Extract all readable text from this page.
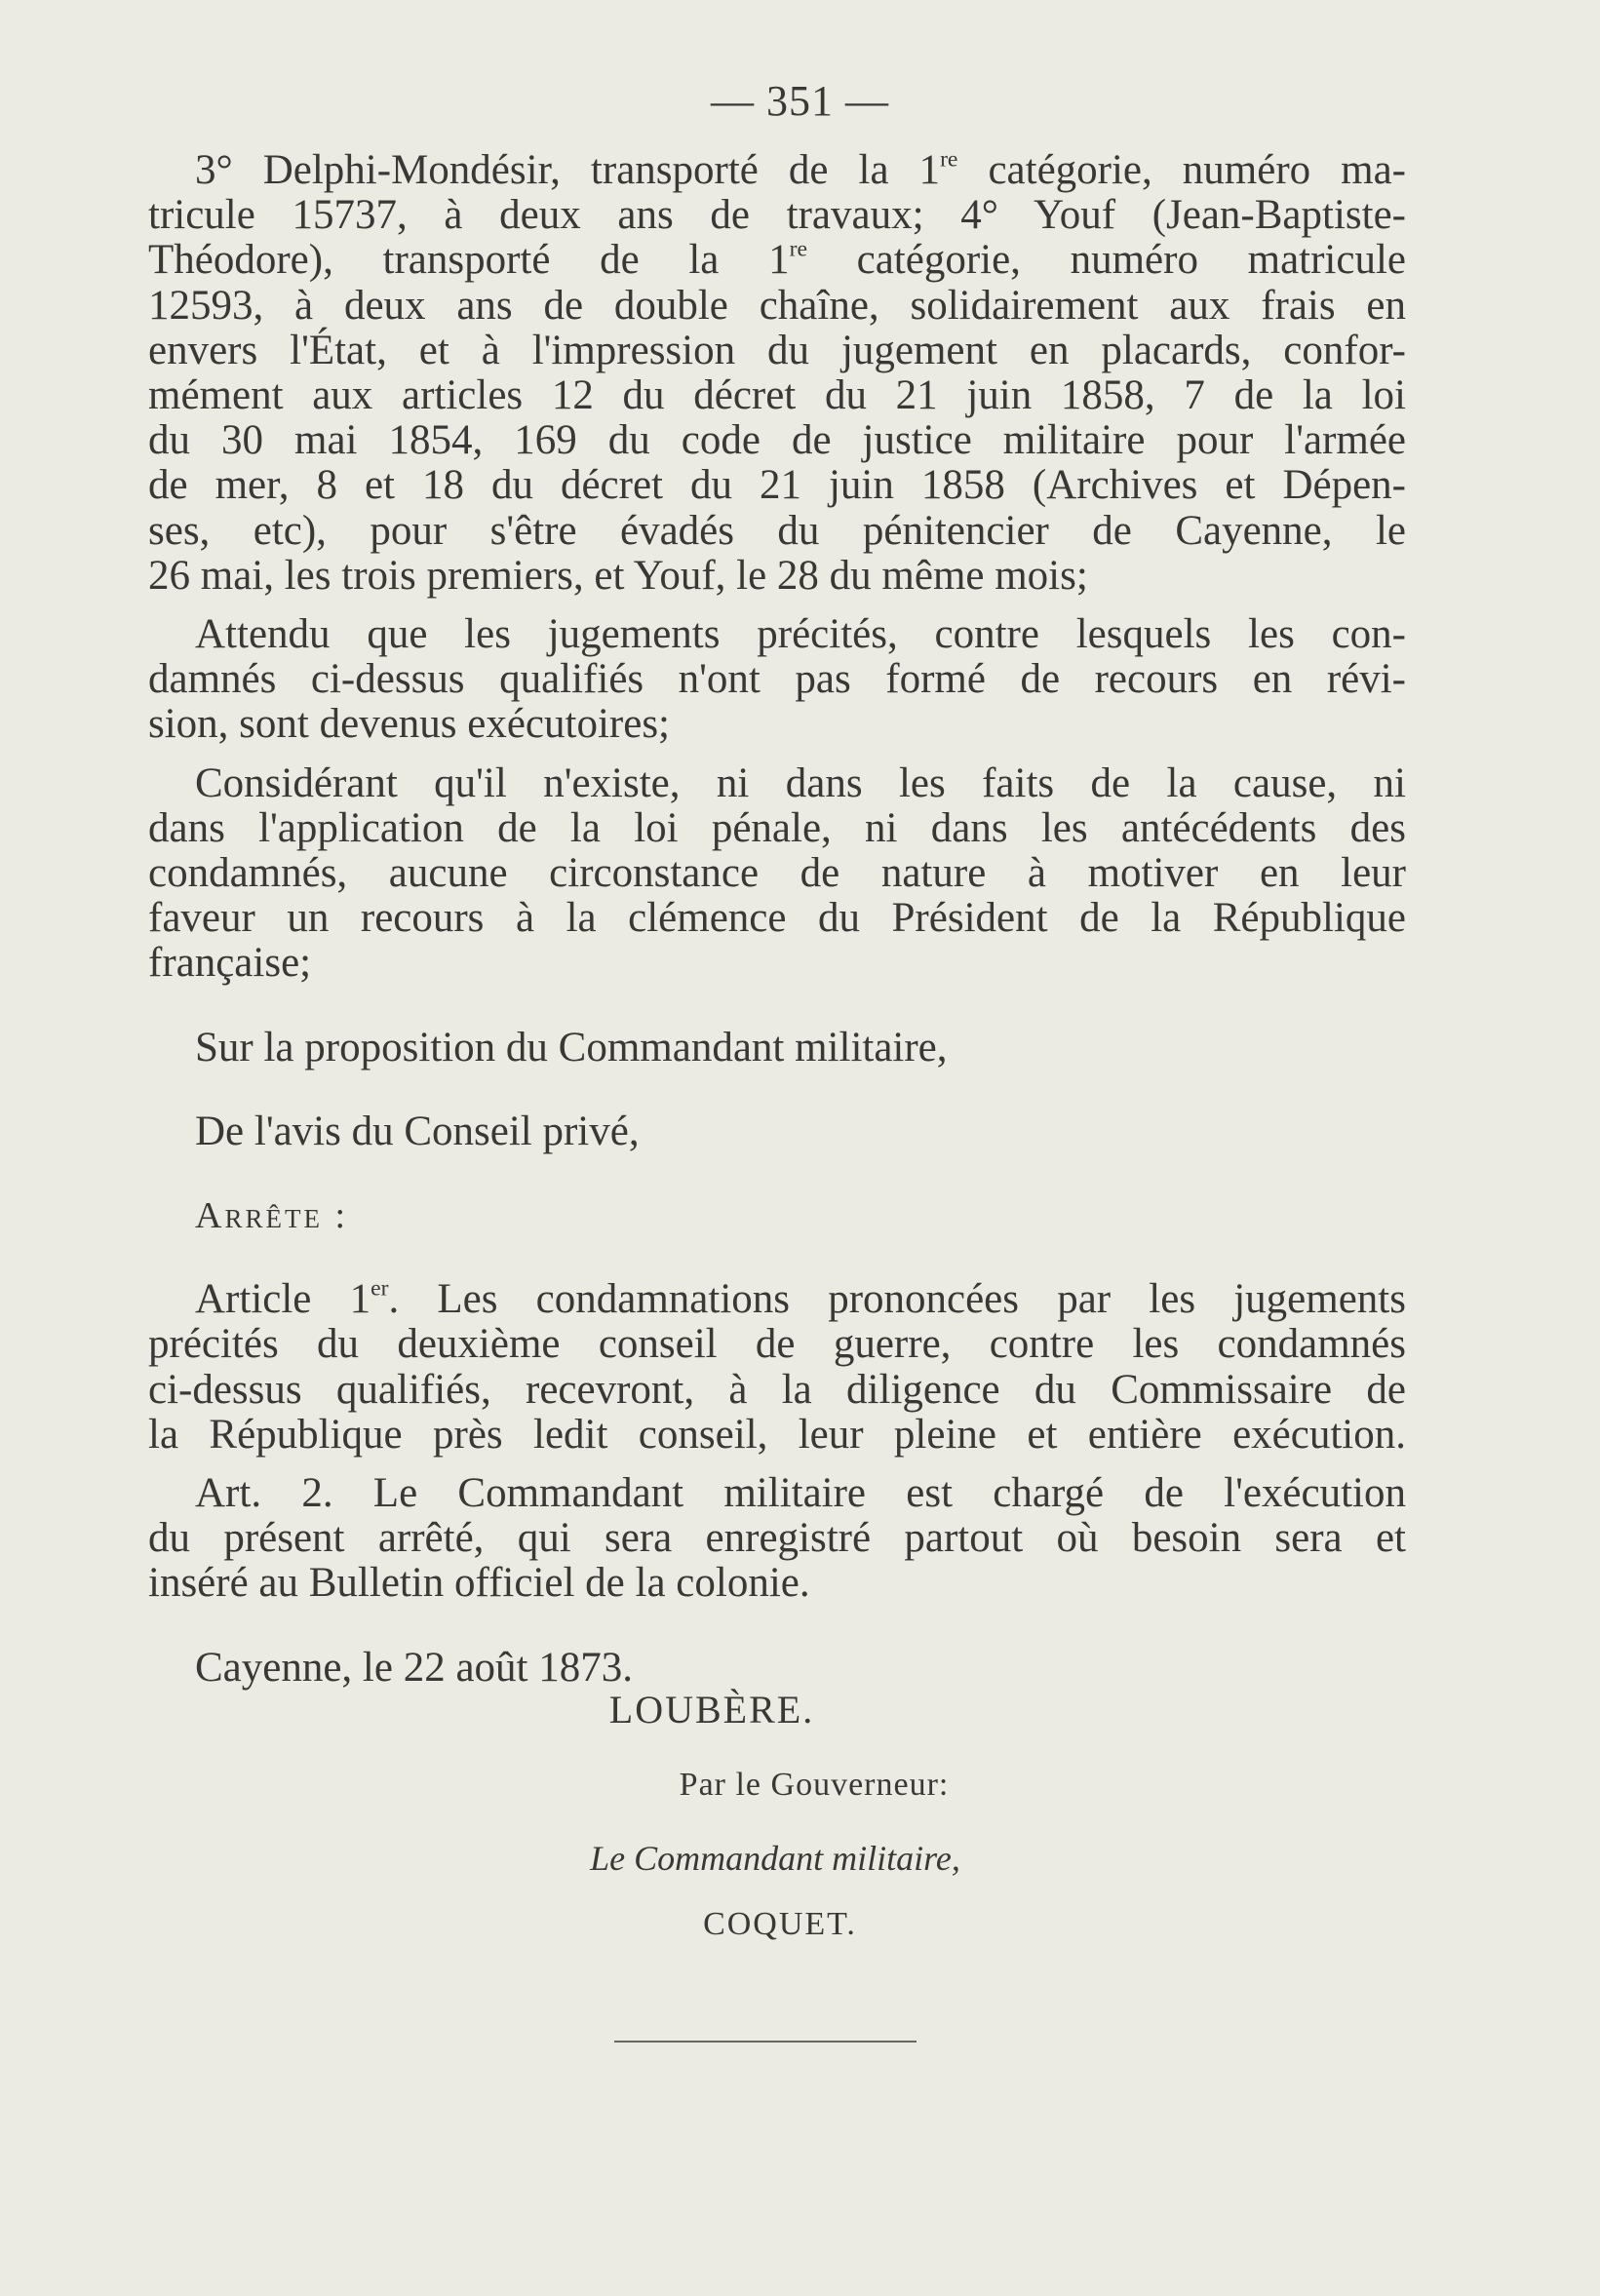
— 351 —
3° Delphi-Mondésir, transporté de la 1re catégorie, numéro ma-
tricule 15737, à deux ans de travaux; 4° Youf (Jean-Baptiste-
Théodore), transporté de la 1re catégorie, numéro matricule
12593, à deux ans de double chaîne, solidairement aux frais en
envers l'État, et à l'impression du jugement en placards, confor-
mément aux articles 12 du décret du 21 juin 1858, 7 de la loi
du 30 mai 1854, 169 du code de justice militaire pour l'armée
de mer, 8 et 18 du décret du 21 juin 1858 (Archives et Dépen-
ses, etc), pour s'être évadés du pénitencier de Cayenne, le
26 mai, les trois premiers, et Youf, le 28 du même mois;
Attendu que les jugements précités, contre lesquels les con-
damnés ci-dessus qualifiés n'ont pas formé de recours en révi-
sion, sont devenus exécutoires;
Considérant qu'il n'existe, ni dans les faits de la cause, ni
dans l'application de la loi pénale, ni dans les antécédents des
condamnés, aucune circonstance de nature à motiver en leur
faveur un recours à la clémence du Président de la République
française;
Sur la proposition du Commandant militaire,
De l'avis du Conseil privé,
Arrête :
Article 1er. Les condamnations prononcées par les jugements
précités du deuxième conseil de guerre, contre les condamnés
ci-dessus qualifiés, recevront, à la diligence du Commissaire de
la République près ledit conseil, leur pleine et entière exécution.
Art. 2. Le Commandant militaire est chargé de l'exécution
du présent arrêté, qui sera enregistré partout où besoin sera et
inséré au Bulletin officiel de la colonie.
Cayenne, le 22 août 1873.
LOUBÈRE.
Par le Gouverneur:
Le Commandant militaire,
COQUET.
